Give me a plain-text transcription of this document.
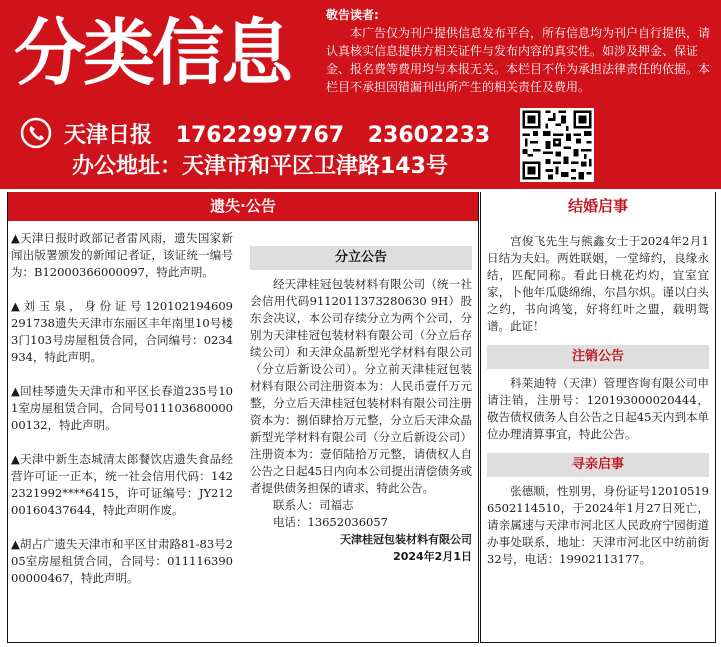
分类信息	敬告读者:
本广告仅为刊户提供信息发布平台，所有信息均为刊户自行提供，请认真核实信息提供方相关证件与发布内容的真实性。如涉及押金、保证金、报名费等费用均与本报无关。本栏目不作为承担法律责任的依据。本栏目不承担因错漏刊出所产生的相关责任及费用。
天津日报 17622997767 23602233
办公地址：天津市和平区卫津路143号
遗失·公告
▲天津日报时政部记者雷风雨，遗失国家新闻出版署颁发的新闻记者证，该证统一编号为：B12000366000097，特此声明。
▲ 刘 玉 泉 ， 身 份 证 号 120102194609291738遗失天津市东丽区丰年南里10号楼3门103号房屋租赁合同，合同编号：0234934，特此声明。
▲回桂琴遗失天津市和平区长春道235号101室房屋租赁合同，合同号01110368000000132，特此声明。
▲天津中新生态城清太郎餐饮店遗失食品经营许可证一正本，统一社会信用代码：1422321992****6415，许可证编号：JY21200160437644，特此声明作废。
▲胡占广遗失天津市和平区甘肃路81-83号205室房屋租赁合同，合同号：01111639000000467，特此声明。
分立公告
经天津桂冠包装材料有限公司（统一社会信用代码9112011373280630 9H）股东会决议，本公司存续分立为两个公司，分别为天津桂冠包装材料有限公司（分立后存续公司）和天津众晶新型光学材料有限公司（分立后新设公司）。分立前天津桂冠包装材料有限公司注册资本为：人民币壹仟万元整，分立后天津桂冠包装材料有限公司注册资本为：捌佰肆拾万元整，分立后天津众晶新型光学材料有限公司（分立后新设公司）注册资本为：壹佰陆拾万元整，请债权人自公告之日起45日内向本公司提出清偿债务或者提供债务担保的请求，特此公告。
联系人：司福志
电话：13652036057
天津桂冠包装材料有限公司
2024年2月1日
结婚启事
宫俊飞先生与熊鑫女士于2024年2月1日结为夫妇。两姓联姻，一堂缔约，良缘永结，匹配同称。看此日桃花灼灼，宜室宜家，卜他年瓜瓞绵绵，尔昌尔炽。谨以白头之约，书向鸿笺，好将红叶之盟，载明鸳谱。此证！
注销公告
科莱迪特（天津）管理咨询有限公司申请注销，注册号：120193000020444，敬告债权债务人自公告之日起45天内到本单位办理清算事宜，特此公告。
寻亲启事
张德顺，性别男，身份证号120105196502114510，于2024年1月27日死亡，请亲属速与天津市河北区人民政府宁园街道办事处联系，地址：天津市河北区中纺前街32号，电话：19902113177。
